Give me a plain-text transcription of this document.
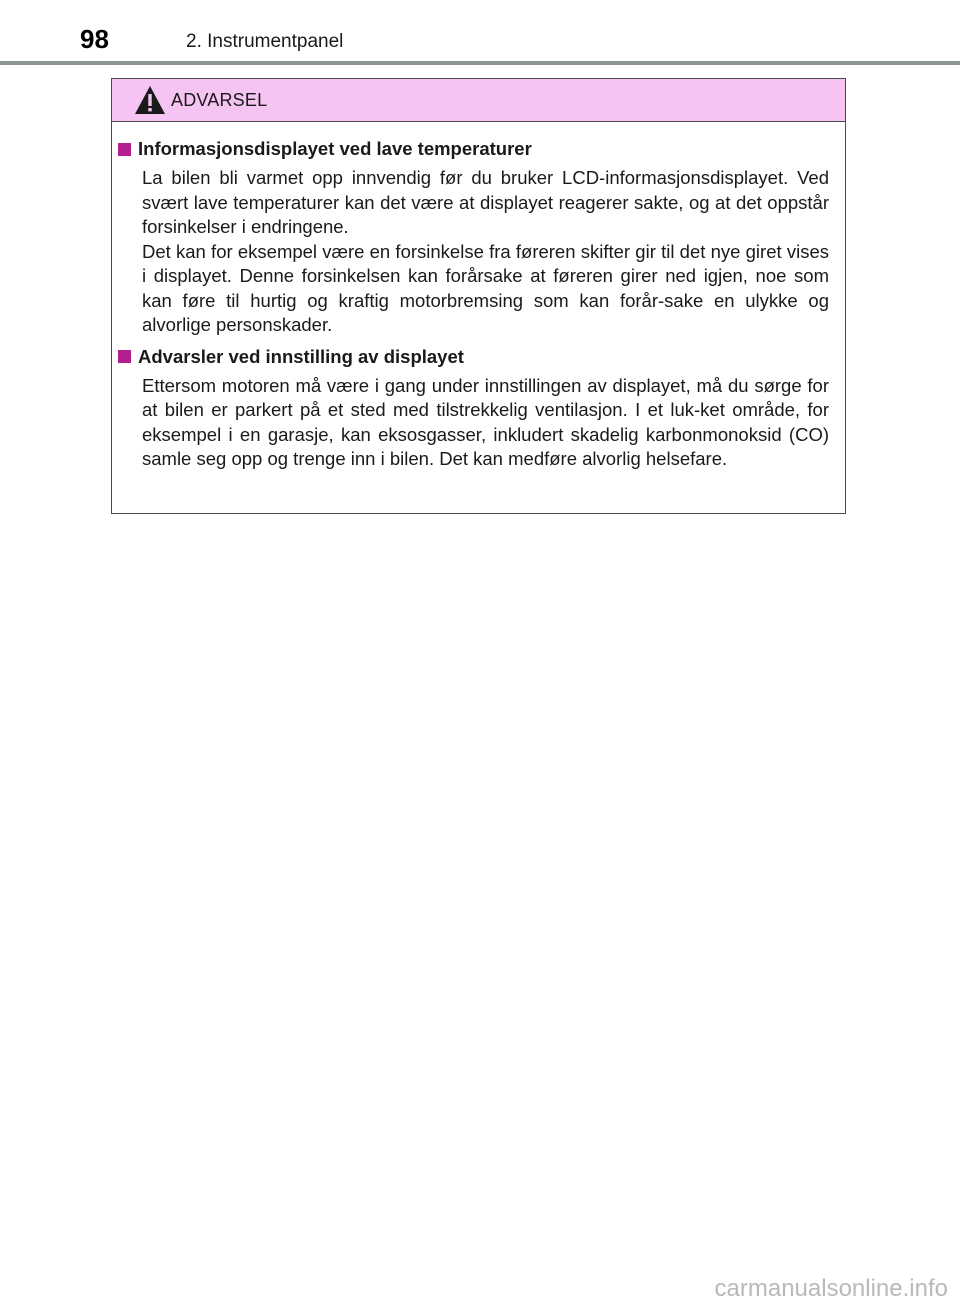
98	2. Instrumentpanel
ADVARSEL
Informasjonsdisplayet ved lave temperaturer

La bilen bli varmet opp innvendig før du bruker LCD-informasjonsdisplayet. Ved svært lave temperaturer kan det være at displayet reagerer sakte, og at det oppstår forsinkelser i endringene.

Det kan for eksempel være en forsinkelse fra føreren skifter gir til det nye giret vises i displayet. Denne forsinkelsen kan forårsake at føreren girer ned igjen, noe som kan føre til hurtig og kraftig motorbremsing som kan forår-sake en ulykke og alvorlige personskader.

Advarsler ved innstilling av displayet

Ettersom motoren må være i gang under innstillingen av displayet, må du sørge for at bilen er parkert på et sted med tilstrekkelig ventilasjon. I et luk-ket område, for eksempel i en garasje, kan eksosgasser, inkludert skadelig karbonmonoksid (CO) samle seg opp og trenge inn i bilen. Det kan medføre alvorlig helsefare.

carmanualsonline.info
